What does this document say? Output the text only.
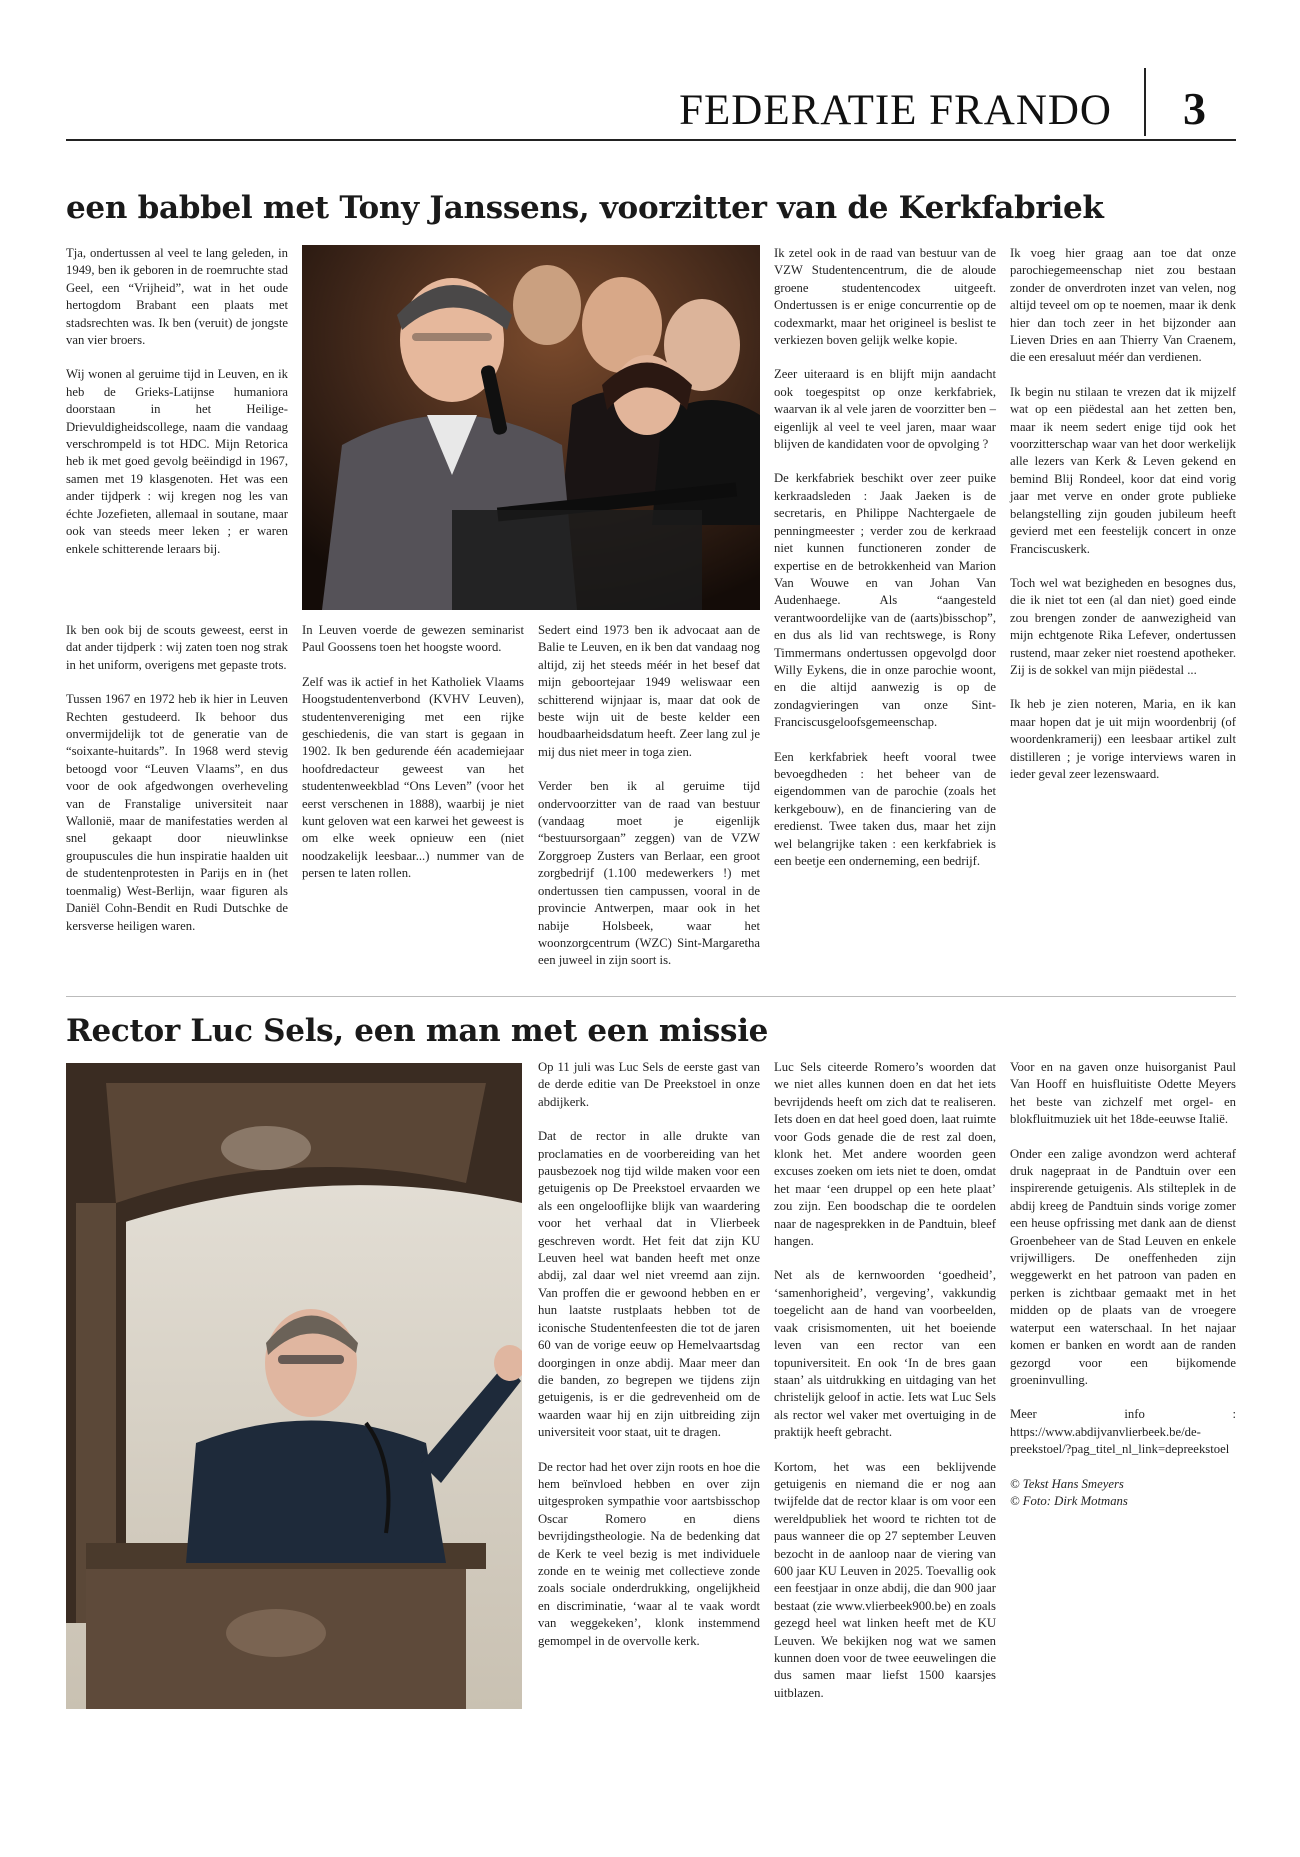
FEDERATIE FRANDO 3
een babbel met Tony Janssens, voorzitter van de Kerkfabriek

Tja, ondertussen al veel te lang geleden, in 1949, ben ik geboren in de roemruchte stad Geel, een “Vrijheid”, wat in het oude hertogdom Brabant een plaats met stadsrechten was. Ik ben (veruit) de jongste van vier broers.

Wij wonen al geruime tijd in Leuven, en ik heb de Grieks-Latijnse humaniora doorstaan in het Heilige-Drievuldigheidscollege, naam die vandaag verschrompeld is tot HDC. Mijn Retorica heb ik met goed gevolg beëindigd in 1967, samen met 19 klasgenoten. Het was een ander tijdperk : wij kregen nog les van échte Jozefieten, allemaal in soutane, maar ook van steeds meer leken ; er waren enkele schitterende leraars bij.

Ik ben ook bij de scouts geweest, eerst in dat ander tijdperk : wij zaten toen nog strak in het uniform, overigens met gepaste trots.

Tussen 1967 en 1972 heb ik hier in Leuven Rechten gestudeerd. Ik behoor dus onvermijdelijk tot de generatie van de “soixante-huitards”. In 1968 werd stevig betoogd voor “Leuven Vlaams”, en dus voor de ook afgedwongen overheveling van de Franstalige universiteit naar Wallonië, maar de manifestaties werden al snel gekaapt door nieuwlinkse groupuscules die hun inspiratie haalden uit de studentenprotesten in Parijs en in (het toenmalig) West-Berlijn, waar figuren als Daniël Cohn-Bendit en Rudi Dutschke de kersverse heiligen waren.

In Leuven voerde de gewezen seminarist Paul Goossens toen het hoogste woord.

Zelf was ik actief in het Katholiek Vlaams Hoogstudentenverbond (KVHV Leuven), studentenvereniging met een rijke geschiedenis, die van start is gegaan in 1902. Ik ben gedurende één academiejaar hoofdredacteur geweest van het studentenweekblad “Ons Leven” (voor het eerst verschenen in 1888), waarbij je niet kunt geloven wat een karwei het geweest is om elke week opnieuw een (niet noodzakelijk leesbaar...) nummer van de persen te laten rollen.

Sedert eind 1973 ben ik advocaat aan de Balie te Leuven, en ik ben dat vandaag nog altijd, zij het steeds méér in het besef dat mijn geboortejaar 1949 weliswaar een schitterend wijnjaar is, maar dat ook de beste wijn uit de beste kelder een houdbaarheidsdatum heeft. Zeer lang zul je mij dus niet meer in toga zien.

Verder ben ik al geruime tijd ondervoorzitter van de raad van bestuur (vandaag moet je eigenlijk “bestuursorgaan” zeggen) van de VZW Zorggroep Zusters van Berlaar, een groot zorgbedrijf (1.100 medewerkers !) met ondertussen tien campussen, vooral in de provincie Antwerpen, maar ook in het nabije Holsbeek, waar het woonzorgcentrum (WZC) Sint-Margaretha een juweel in zijn soort is.

Ik zetel ook in de raad van bestuur van de VZW Studentencentrum, die de aloude groene studentencodex uitgeeft. Ondertussen is er enige concurrentie op de codexmarkt, maar het origineel is beslist te verkiezen boven gelijk welke kopie.

Zeer uiteraard is en blijft mijn aandacht ook toegespitst op onze kerkfabriek, waarvan ik al vele jaren de voorzitter ben – eigenlijk al veel te veel jaren, maar waar blijven de kandidaten voor de opvolging ?

De kerkfabriek beschikt over zeer puike kerkraadsleden : Jaak Jaeken is de secretaris, en Philippe Nachtergaele de penningmeester ; verder zou de kerkraad niet kunnen functioneren zonder de expertise en de betrokkenheid van Marion Van Wouwe en van Johan Van Audenhaege. Als “aangesteld verantwoordelijke van de (aarts)bisschop”, en dus als lid van rechtswege, is Rony Timmermans ondertussen opgevolgd door Willy Eykens, die in onze parochie woont, en die altijd aanwezig is op de zondagvieringen van onze Sint-Franciscusgeloofsgemeenschap.

Een kerkfabriek heeft vooral twee bevoegdheden : het beheer van de eigendommen van de parochie (zoals het kerkgebouw), en de financiering van de eredienst. Twee taken dus, maar het zijn wel belangrijke taken : een kerkfabriek is een beetje een onderneming, een bedrijf.

Ik voeg hier graag aan toe dat onze parochiegemeenschap niet zou bestaan zonder de onverdroten inzet van velen, nog altijd teveel om op te noemen, maar ik denk hier dan toch zeer in het bijzonder aan Lieven Dries en aan Thierry Van Craenem, die een eresaluut méér dan verdienen.

Ik begin nu stilaan te vrezen dat ik mijzelf wat op een piëdestal aan het zetten ben, maar ik neem sedert enige tijd ook het voorzitterschap waar van het door werkelijk alle lezers van Kerk & Leven gekend en bemind Blij Rondeel, koor dat eind vorig jaar met verve en onder grote publieke belangstelling zijn gouden jubileum heeft gevierd met een feestelijk concert in onze Franciscuskerk.

Toch wel wat bezigheden en besognes dus, die ik niet tot een (al dan niet) goed einde zou brengen zonder de aanwezigheid van mijn echtgenote Rika Lefever, ondertussen rustend, maar zeker niet roestend apotheker. Zij is de sokkel van mijn piëdestal ...

Ik heb je zien noteren, Maria, en ik kan maar hopen dat je uit mijn woordenbrij (of woordenkramerij) een leesbaar artikel zult distilleren ; je vorige interviews waren in ieder geval zeer lezenswaard.

Rector Luc Sels, een man met een missie

Op 11 juli was Luc Sels de eerste gast van de derde editie van De Preekstoel in onze abdijkerk.

Dat de rector in alle drukte van proclamaties en de voorbereiding van het pausbezoek nog tijd wilde maken voor een getuigenis op De Preekstoel ervaarden we als een ongelooflijke blijk van waardering voor het verhaal dat in Vlierbeek geschreven wordt. Het feit dat zijn KU Leuven heel wat banden heeft met onze abdij, zal daar wel niet vreemd aan zijn. Van proffen die er gewoond hebben en er hun laatste rustplaats hebben tot de iconische Studentenfeesten die tot de jaren 60 van de vorige eeuw op Hemelvaartsdag doorgingen in onze abdij. Maar meer dan die banden, zo begrepen we tijdens zijn getuigenis, is er die gedrevenheid om de waarden waar hij en zijn uitbreiding zijn universiteit voor staat, uit te dragen.

De rector had het over zijn roots en hoe die hem beïnvloed hebben en over zijn uitgesproken sympathie voor aartsbisschop Oscar Romero en diens bevrijdingstheologie. Na de bedenking dat de Kerk te veel bezig is met individuele zonde en te weinig met collectieve zonde zoals sociale onderdrukking, ongelijkheid en discriminatie, ‘waar al te vaak wordt van weggekeken’, klonk instemmend gemompel in de overvolle kerk.

Luc Sels citeerde Romero’s woorden dat we niet alles kunnen doen en dat het iets bevrijdends heeft om zich dat te realiseren. Iets doen en dat heel goed doen, laat ruimte voor Gods genade die de rest zal doen, klonk het. Met andere woorden geen excuses zoeken om iets niet te doen, omdat het maar ‘een druppel op een hete plaat’ zou zijn. Een boodschap die te oordelen naar de nagesprekken in de Pandtuin, bleef hangen.

Net als de kernwoorden ‘goedheid’, ‘samenhorigheid’, vergeving’, vakkundig toegelicht aan de hand van voorbeelden, vaak crisismomenten, uit het boeiende leven van een rector van een topuniversiteit. En ook ‘In de bres gaan staan’ als uitdrukking en uitdaging van het christelijk geloof in actie. Iets wat Luc Sels als rector wel vaker met overtuiging in de praktijk heeft gebracht.

Kortom, het was een beklijvende getuigenis en niemand die er nog aan twijfelde dat de rector klaar is om voor een wereldpubliek het woord te richten tot de paus wanneer die op 27 september Leuven bezocht in de aanloop naar de viering van 600 jaar KU Leuven in 2025. Toevallig ook een feestjaar in onze abdij, die dan 900 jaar bestaat (zie www.vlierbeek900.be) en zoals gezegd heel wat linken heeft met de KU Leuven. We bekijken nog wat we samen kunnen doen voor de twee eeuwelingen die dus samen maar liefst 1500 kaarsjes uitblazen.

Voor en na gaven onze huisorganist Paul Van Hooff en huisfluitiste Odette Meyers het beste van zichzelf met orgel- en blokfluitmuziek uit het 18de-eeuwse Italië.

Onder een zalige avondzon werd achteraf druk nagepraat in de Pandtuin over een inspirerende getuigenis. Als stilteplek in de abdij kreeg de Pandtuin sinds vorige zomer een heuse opfrissing met dank aan de dienst Groenbeheer van de Stad Leuven en enkele vrijwilligers. De oneffenheden zijn weggewerkt en het patroon van paden en perken is zichtbaar gemaakt met in het midden op de plaats van de vroegere waterput een waterschaal. In het najaar komen er banken en wordt aan de randen gezorgd voor een bijkomende groeninvulling.

Meer info : https://www.abdijvanvlierbeek.be/de-preekstoel/?pag_titel_nl_link=depreekstoel

© Tekst Hans Smeyers
© Foto: Dirk Motmans
